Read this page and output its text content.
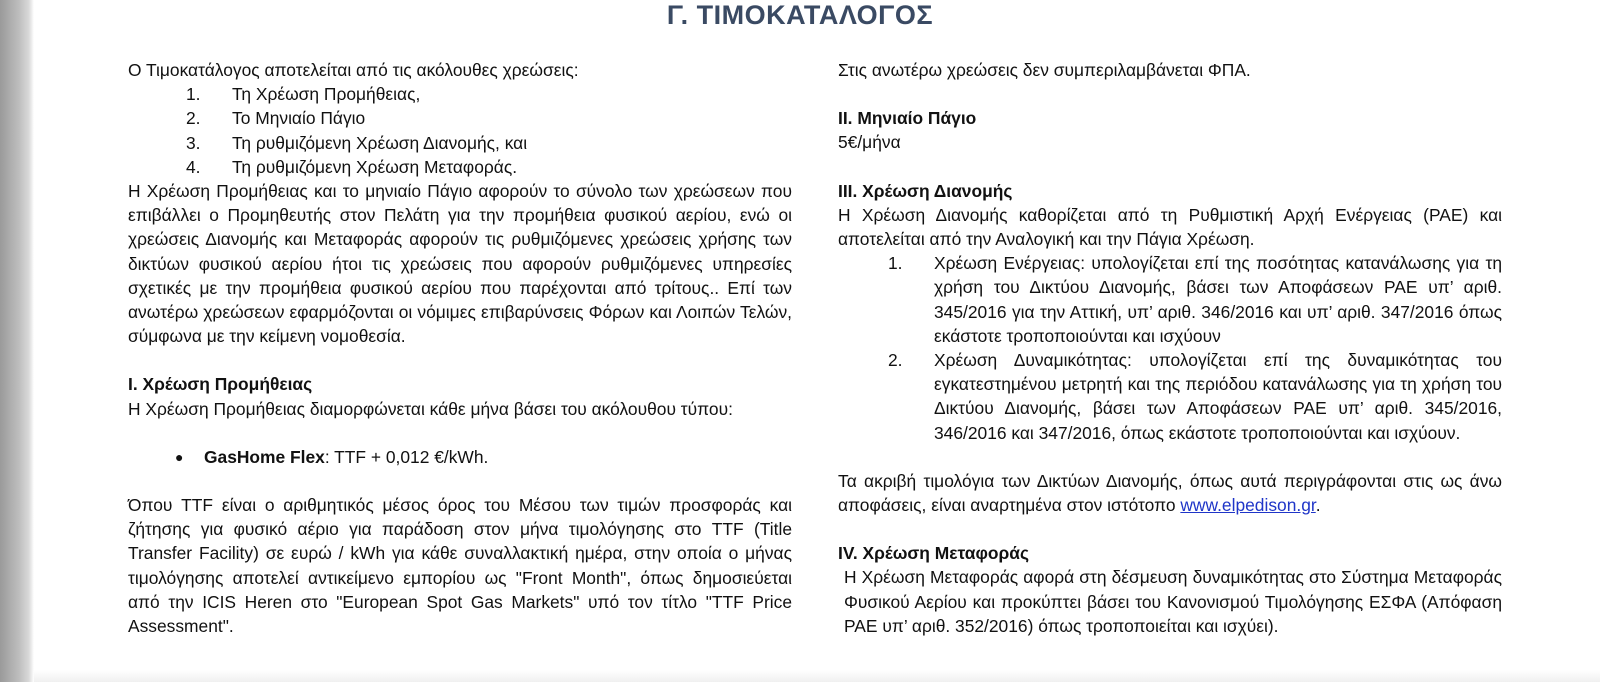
Γ. ΤΙΜΟΚΑΤΑΛΟΓΟΣ

Ο Τιμοκατάλογος αποτελείται από τις ακόλουθες χρεώσεις:

1. Τη Χρέωση Προμήθειας,
2. Το Μηνιαίο Πάγιο
3. Τη ρυθμιζόμενη Χρέωση Διανομής, και
4. Τη ρυθμιζόμενη Χρέωση Μεταφοράς.

Η Χρέωση Προμήθειας και το μηνιαίο Πάγιο αφορούν το σύνολο των χρεώσεων που επιβάλλει ο Προμηθευτής στον Πελάτη για την προμήθεια φυσικού αερίου, ενώ οι χρεώσεις Διανομής και Μεταφοράς αφορούν τις ρυθμιζόμενες χρεώσεις χρήσης των δικτύων φυσικού αερίου ήτοι τις χρεώσεις που αφορούν ρυθμιζόμενες υπηρεσίες σχετικές με την προμήθεια φυσικού αερίου που παρέχονται από τρίτους.. Επί των ανωτέρω χρεώσεων εφαρμόζονται οι νόμιμες επιβαρύνσεις Φόρων και Λοιπών Τελών, σύμφωνα με την κείμενη νομοθεσία.

I. Χρέωση Προμήθειας

Η Χρέωση Προμήθειας διαμορφώνεται κάθε μήνα βάσει του ακόλουθου τύπου:

● GasHome Flex: TTF + 0,012 €/kWh.

Όπου TTF είναι ο αριθμητικός μέσος όρος του Μέσου των τιμών προσφοράς και ζήτησης για φυσικό αέριο για παράδοση στον μήνα τιμολόγησης στο TTF (Title Transfer Facility) σε ευρώ / kWh για κάθε συναλλακτική ημέρα, στην οποία ο μήνας τιμολόγησης αποτελεί αντικείμενο εμπορίου ως "Front Month", όπως δημοσιεύεται από την ICIS Heren στο "European Spot Gas Markets" υπό τον τίτλο "TTF Price Assessment".

Στις ανωτέρω χρεώσεις δεν συμπεριλαμβάνεται ΦΠΑ.

II. Μηνιαίο Πάγιο

5€/μήνα

III. Χρέωση Διανομής

Η Χρέωση Διανομής καθορίζεται από τη Ρυθμιστική Αρχή Ενέργειας (ΡΑΕ) και αποτελείται από την Αναλογική και την Πάγια Χρέωση.

1. Χρέωση Ενέργειας: υπολογίζεται επί της ποσότητας κατανάλωσης για τη χρήση του Δικτύου Διανομής, βάσει των Αποφάσεων ΡΑΕ υπ’ αριθ. 345/2016 για την Αττική, υπ’ αριθ. 346/2016 και υπ’ αριθ. 347/2016 όπως εκάστοτε τροποποιούνται και ισχύουν
2. Χρέωση Δυναμικότητας: υπολογίζεται επί της δυναμικότητας του εγκατεστημένου μετρητή και της περιόδου κατανάλωσης για τη χρήση του Δικτύου Διανομής, βάσει των Αποφάσεων ΡΑΕ υπ’ αριθ. 345/2016, 346/2016 και 347/2016, όπως εκάστοτε τροποποιούνται και ισχύουν.

Τα ακριβή τιμολόγια των Δικτύων Διανομής, όπως αυτά περιγράφονται στις ως άνω αποφάσεις, είναι αναρτημένα στον ιστότοπο www.elpedison.gr.

IV. Χρέωση Μεταφοράς

Η Χρέωση Μεταφοράς αφορά στη δέσμευση δυναμικότητας στο Σύστημα Μεταφοράς Φυσικού Αερίου και προκύπτει βάσει του Κανονισμού Τιμολόγησης ΕΣΦΑ (Απόφαση ΡΑΕ υπ’ αριθ. 352/2016) όπως τροποποιείται και ισχύει).
